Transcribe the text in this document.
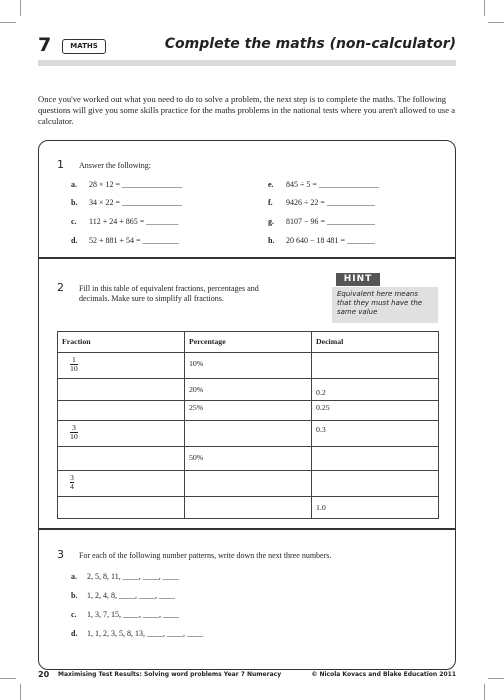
7	MATHS	Complete the maths (non-calculator)
Once you've worked out what you need to do to solve a problem, the next step is to complete the maths. The following questions will give you some skills practice for the maths problems in the national tests where you aren't allowed to use a calculator.
1 Answer the following:
a. 28 × 12 = _______________
b. 34 × 22 = _______________
c. 112 + 24 + 865 = ________
d. 52 + 881 + 54 = _________
e. 845 ÷ 5 = _______________
f. 9426 ÷ 22 = ____________
g. 8107 − 96 = ____________
h. 20 640 − 18 481 = _______
2 Fill in this table of equivalent fractions, percentages and decimals. Make sure to simplify all fractions.
HINT
Equivalent here means that they must have the same value
Fraction	Percentage	Decimal

$\frac{1}{10}$	10%	

	20%	0.2

	25%	0.25

$\frac{3}{10}$		0.3

	50%	

$\frac{3}{4}$

		1.0
3 For each of the following number patterns, write down the next three numbers.
a. 2, 5, 8, 11, ____, ____, ____
b. 1, 2, 4, 8, ____, ____, ____
c. 1, 3, 7, 15, ____, ____, ____
d. 1, 1, 2, 3, 5, 8, 13, ____, ____, ____
20 Maximising Test Results: Solving word problems Year 7 Numeracy	© Nicola Kovacs and Blake Education 2011
